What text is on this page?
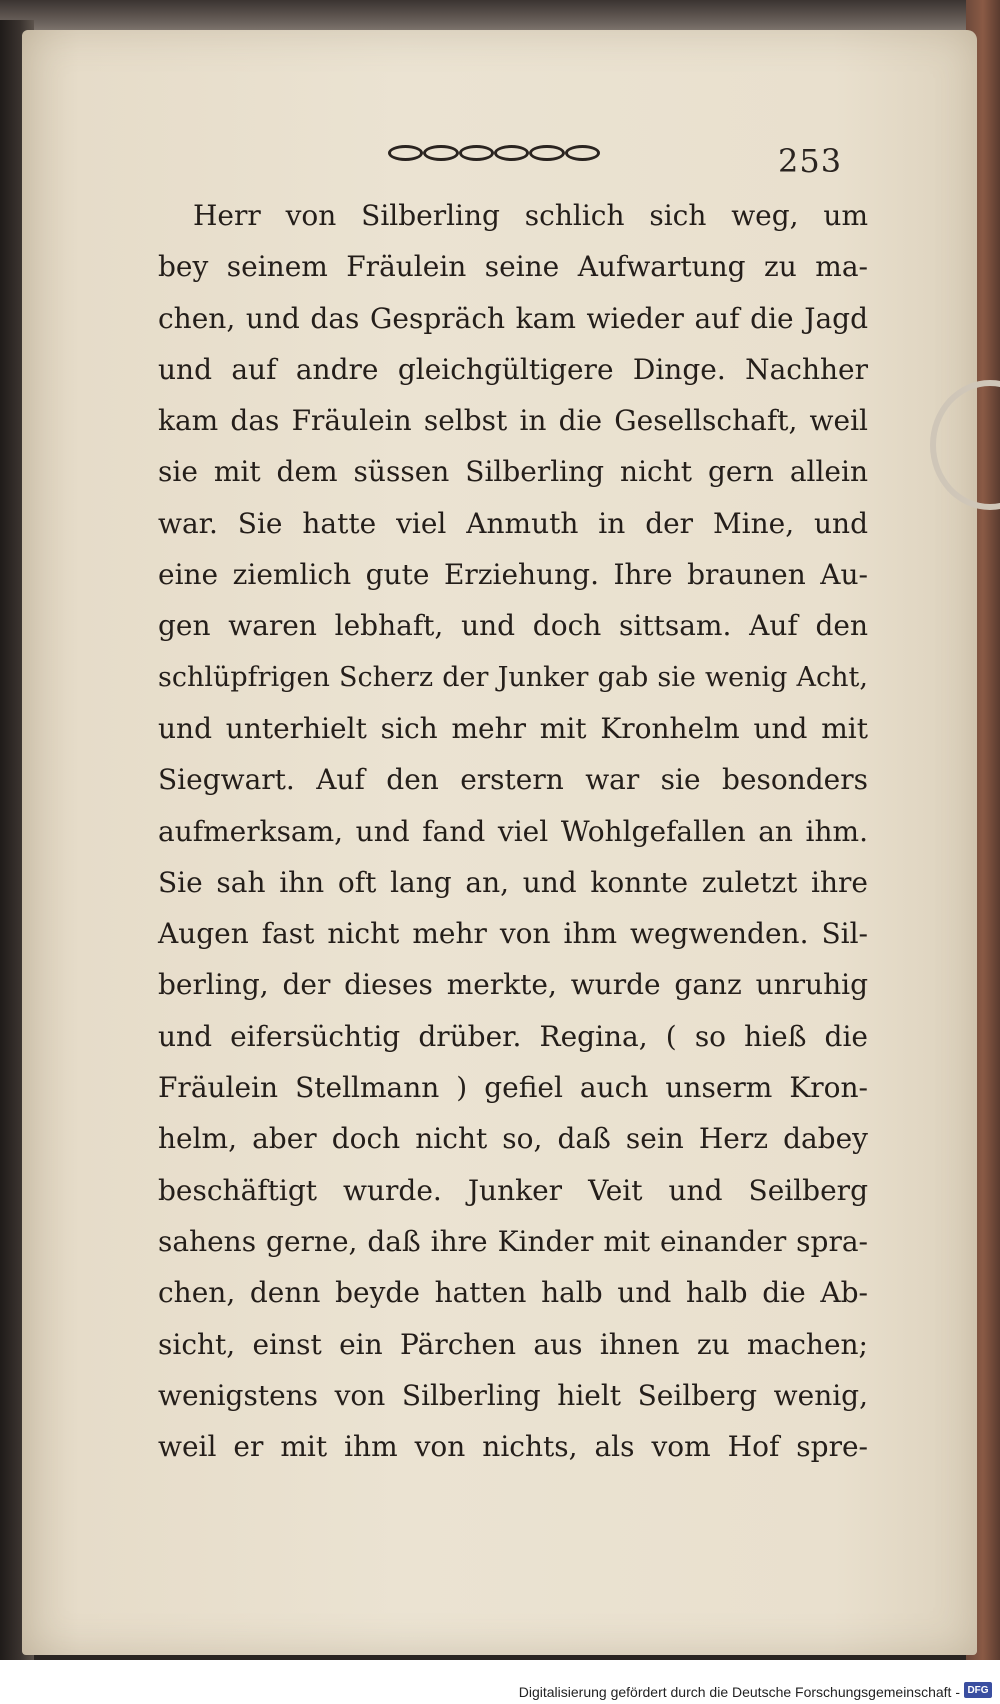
253
Herr von Silberling schlich sich weg, um
bey seinem Fräulein seine Aufwartung zu ma-
chen, und das Gespräch kam wieder auf die Jagd
und auf andre gleichgültigere Dinge. Nachher
kam das Fräulein selbst in die Gesellschaft, weil
sie mit dem süssen Silberling nicht gern allein
war. Sie hatte viel Anmuth in der Mine, und
eine ziemlich gute Erziehung. Ihre braunen Au-
gen waren lebhaft, und doch sittsam. Auf den
schlüpfrigen Scherz der Junker gab sie wenig Acht,
und unterhielt sich mehr mit Kronhelm und mit
Siegwart. Auf den erstern war sie besonders
aufmerksam, und fand viel Wohlgefallen an ihm.
Sie sah ihn oft lang an, und konnte zuletzt ihre
Augen fast nicht mehr von ihm wegwenden. Sil-
berling, der dieses merkte, wurde ganz unruhig
und eifersüchtig drüber. Regina, ( so hieß die
Fräulein Stellmann ) gefiel auch unserm Kron-
helm, aber doch nicht so, daß sein Herz dabey
beschäftigt wurde. Junker Veit und Seilberg
sahens gerne, daß ihre Kinder mit einander spra-
chen, denn beyde hatten halb und halb die Ab-
sicht, einst ein Pärchen aus ihnen zu machen;
wenigstens von Silberling hielt Seilberg wenig,
weil er mit ihm von nichts, als vom Hof spre-
Digitalisierung gefördert durch die Deutsche Forschungsgemeinschaft - DFG
